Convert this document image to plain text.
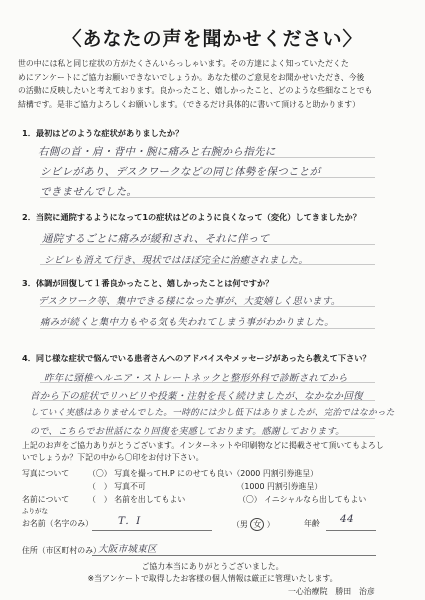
〈あなたの声を聞かせください〉
世の中には私と同じ症状の方がたくさんいらっしゃいます。その方達によく知っていただくた
めにアンケートにご協力お願いできないでしょうか。あなた様のご意見をお聞かせいただき、今後
の活動に反映したいと考えております。良かったこと、嬉しかったこと、どのような些細なことでも
結構です。是非ご協力よろしくお願いします。（できるだけ具体的に書いて頂けると助かります）
1．最初はどのような症状がありましたか？
右側の首・肩・背中・腕に痛みと右腕から指先に
シビレがあり、デスクワークなどの同じ体勢を保つことが
できませんでした。
2．当院に通院するようになって1の症状はどのように良くなって（変化）してきましたか？
通院するごとに痛みが緩和され、それに伴って
シビレも消えて行き、現状ではほぼ完全に治癒されました。
3．体調が回復して１番良かったこと、嬉しかったことは何ですか？
デスクワーク等、集中できる様になった事が、大変嬉しく思います。
痛みが続くと集中力もやる気も失われてしまう事がわかりました。
4．同じ様な症状で悩んでいる患者さんへのアドバイスやメッセージがあったら教えて下さい？
昨年に頸椎ヘルニア・ストレートネックと整形外科で診断されてから
首から下の症状でリハビリや投薬・注射を長く続けましたが、なかなか回復
していく実感はありませんでした。一時的には少し低下はありましたが、完治ではなかった
ので、こちらでお世話になり回復を実感しております。感謝しております。
上記のお声をご協力ありがとうございます。インターネットや印刷物などに掲載させて頂いてもよろし
いでしょうか？下記の中から〇印をお付け下さい。
写真について （〇） 写真を撮ってH.P にのせても良い（2000 円割引券進呈）
（　） 写真不可　　　　　　　　　　　　（1000 円割引券進呈）
名前について （　） 名前を出してもよい	（〇） イニシャルなら出してもよい
ふりがな
お名前（名字のみ） T．I	（男 女 ）	年齢 44
住所（市区町村のみ）
大阪市城東区
ご協力本当にありがとうございました。
※当アンケートで取得したお客様の個人情報は厳正に管理いたします。
一心治療院　勝田　治彦
